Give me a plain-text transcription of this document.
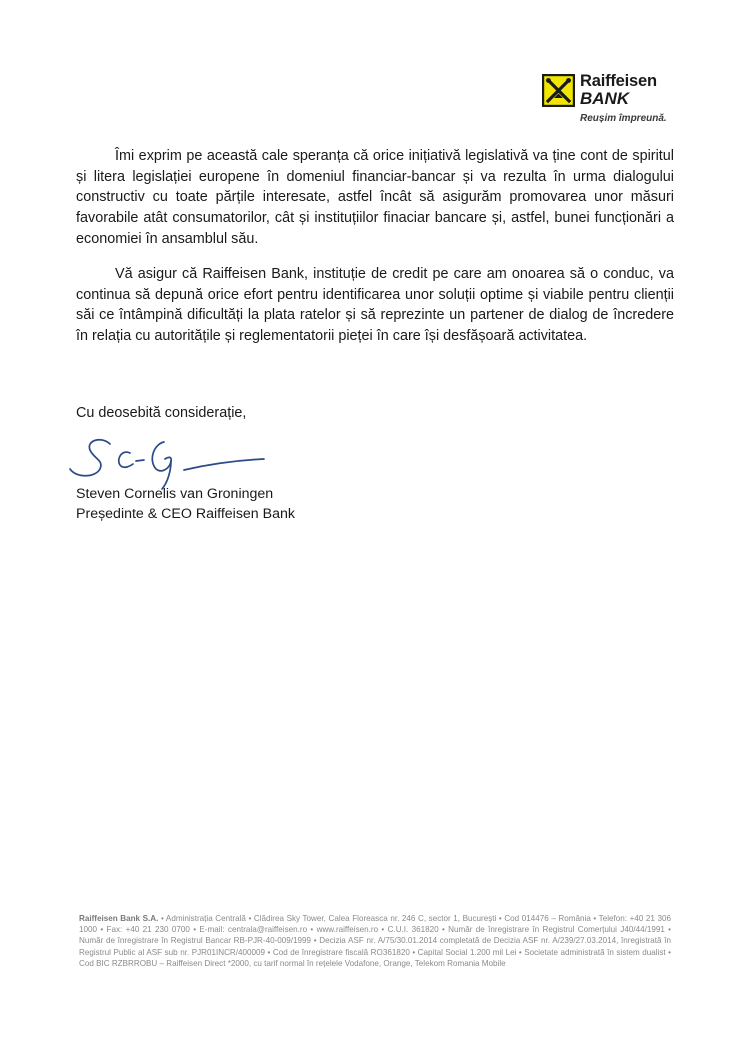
Raiffeisen
BANK
Reușim împreună.

Îmi exprim pe această cale speranța că orice inițiativă legislativă va ține cont de spiritul și litera legislației europene în domeniul financiar-bancar și va rezulta în urma dialogului constructiv cu toate părțile interesate, astfel încât să asigurăm promovarea unor măsuri favorabile atât consumatorilor, cât și instituțiilor finaciar bancare și, astfel, bunei funcționări a economiei în ansamblul său.

Vă asigur că Raiffeisen Bank, instituție de credit pe care am onoarea să o conduc, va continua să depună orice efort pentru identificarea unor soluții optime și viabile pentru clienții săi ce întâmpină dificultăți la plata ratelor și să reprezinte un partener de dialog de încredere în relația cu autoritățile și reglementatorii pieței în care își desfășoară activitatea.

Cu deosebită considerație,

Steven Cornelis van Groningen

Președinte & CEO Raiffeisen Bank

Raiffeisen Bank S.A. • Administrația Centrală • Clădirea Sky Tower, Calea Floreasca nr. 246 C, sector 1, București • Cod 014476 – România • Telefon: +40 21 306 1000 • Fax: +40 21 230 0700 • E-mail: centrala@raiffeisen.ro • www.raiffeisen.ro • C.U.I. 361820 • Număr de înregistrare în Registrul Comerțului J40/44/1991 • Număr de înregistrare în Registrul Bancar RB-PJR-40-009/1999 • Decizia ASF nr. A/75/30.01.2014 completată de Decizia ASF nr. A/239/27.03.2014, înregistrată în Registrul Public al ASF sub nr. PJR01INCR/400009 • Cod de înregistrare fiscală RO361820 • Capital Social 1.200 mil Lei • Societate administrată în sistem dualist • Cod BIC RZBRROBU – Raiffeisen Direct *2000, cu tarif normal în rețelele Vodafone, Orange, Telekom Romania Mobile
